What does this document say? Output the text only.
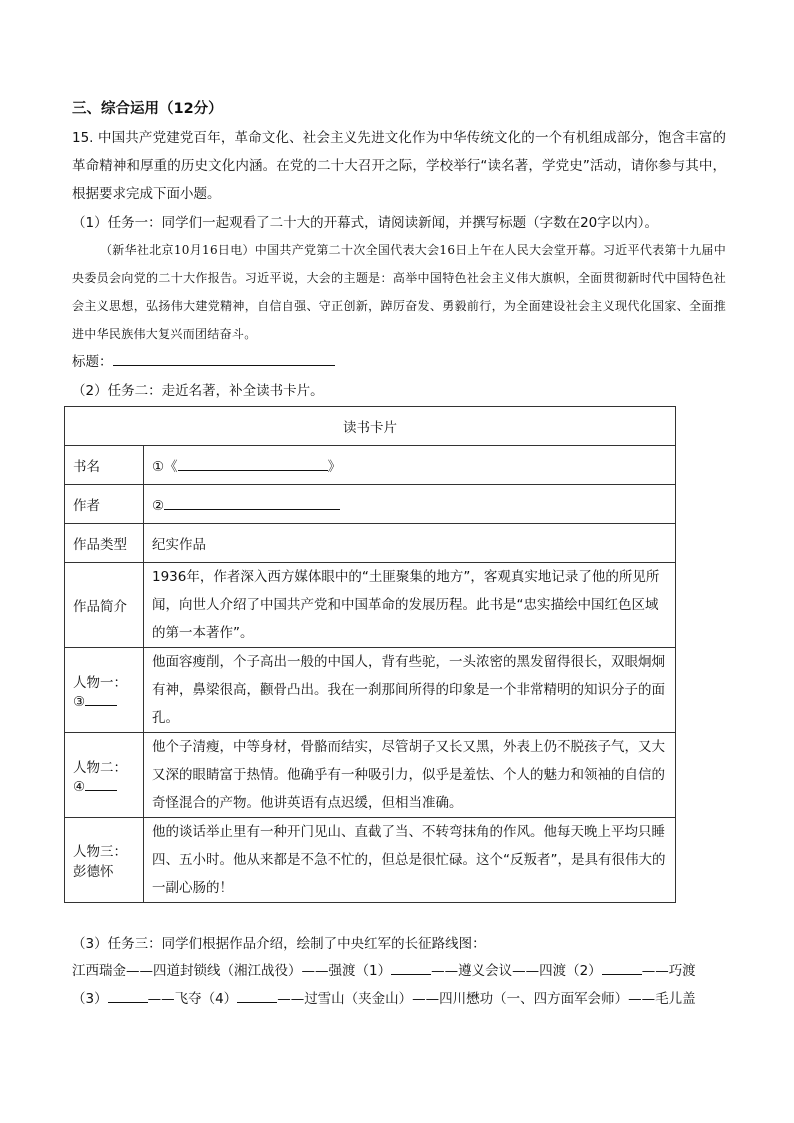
三、综合运用（12分）

15. 中国共产党建党百年，革命文化、社会主义先进文化作为中华传统文化的一个有机组成部分，饱含丰富的革命精神和厚重的历史文化内涵。在党的二十大召开之际，学校举行“读名著，学党史”活动，请你参与其中，根据要求完成下面小题。

（1）任务一：同学们一起观看了二十大的开幕式，请阅读新闻，并撰写标题（字数在20字以内）。

（新华社北京10月16日电）中国共产党第二十次全国代表大会16日上午在人民大会堂开幕。习近平代表第十九届中央委员会向党的二十大作报告。习近平说，大会的主题是：高举中国特色社会主义伟大旗帜，全面贯彻新时代中国特色社会主义思想，弘扬伟大建党精神，自信自强、守正创新，踔厉奋发、勇毅前行，为全面建设社会主义现代化国家、全面推进中华民族伟大复兴而团结奋斗。

标题：

（2）任务二：走近名著，补全读书卡片。

读书卡片	
书名	①《 》
作者	②
作品类型	纪实作品
作品简介	1936年，作者深入西方媒体眼中的“土匪聚集的地方”，客观真实地记录了他的所见所闻，向世人介绍了中国共产党和中国革命的发展历程。此书是“忠实描绘中国红色区域的第一本著作”。

人物一：
③	他面容瘦削，个子高出一般的中国人，背有些驼，一头浓密的黑发留得很长，双眼炯炯有神，鼻梁很高，颧骨凸出。我在一刹那间所得的印象是一个非常精明的知识分子的面孔。

人物二：
④	他个子清瘦，中等身材，骨骼而结实，尽管胡子又长又黑，外表上仍不脱孩子气，又大又深的眼睛富于热情。他确乎有一种吸引力，似乎是羞怯、个人的魅力和领袖的自信的奇怪混合的产物。他讲英语有点迟缓，但相当准确。

人物三：
彭德怀	他的谈话举止里有一种开门见山、直截了当、不转弯抹角的作风。他每天晚上平均只睡四、五小时。他从来都是不急不忙的，但总是很忙碌。这个“反叛者”，是具有很伟大的一副心肠的！

（3）任务三：同学们根据作品介绍，绘制了中央红军的长征路线图：

江西瑞金——四道封锁线（湘江战役）——强渡（1）	——遵义会议——四渡（2）	——巧渡
（3）	——飞夺（4）	——过雪山（夹金山）——四川懋功（一、四方面军会师）——毛儿盖
